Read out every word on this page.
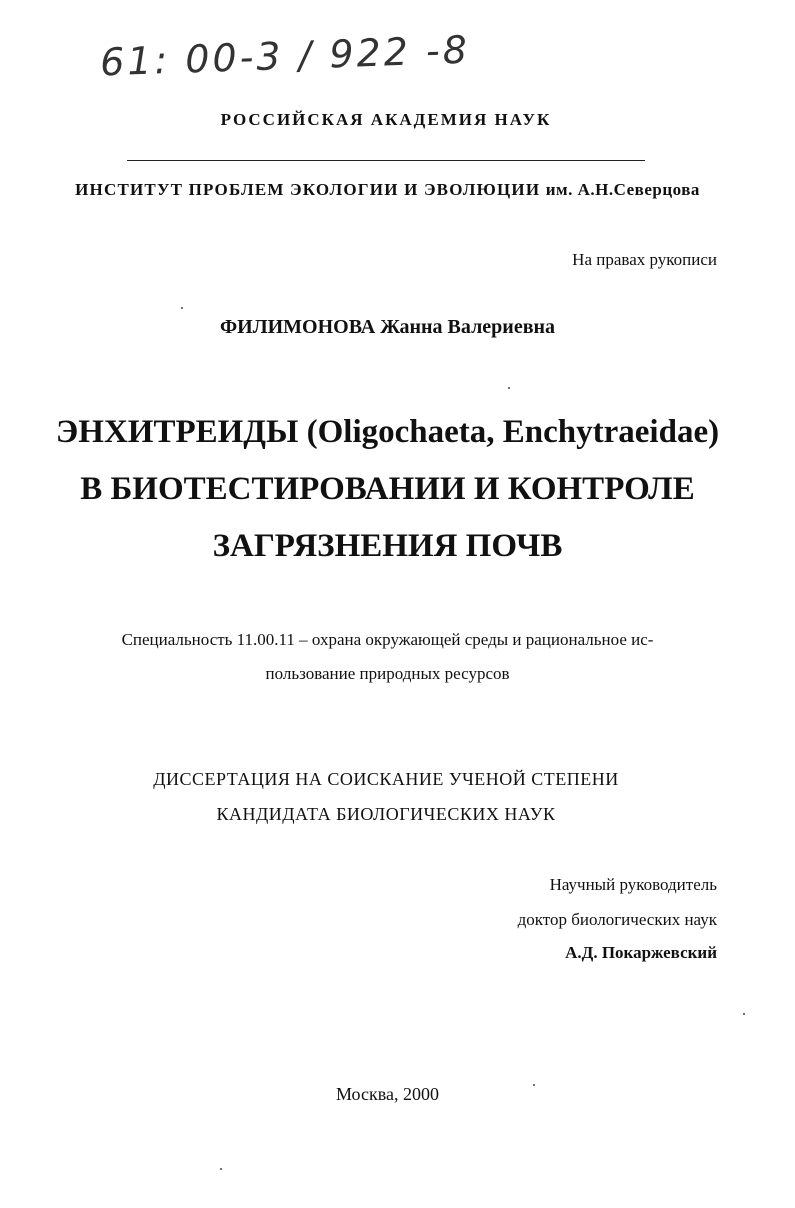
61: 00-3 / 922 -8
РОССИЙСКАЯ АКАДЕМИЯ НАУК
ИНСТИТУТ ПРОБЛЕМ ЭКОЛОГИИ И ЭВОЛЮЦИИ им. А.Н.Северцова
На правах рукописи
ФИЛИМОНОВА Жанна Валериевна
ЭНХИТРЕИДЫ (Oligochaeta, Enchytraeidae)
В БИОТЕСТИРОВАНИИ И КОНТРОЛЕ
ЗАГРЯЗНЕНИЯ ПОЧВ
Специальность 11.00.11 – охрана окружающей среды и рациональное ис-
пользование природных ресурсов
ДИССЕРТАЦИЯ НА СОИСКАНИЕ УЧЕНОЙ СТЕПЕНИ
КАНДИДАТА БИОЛОГИЧЕСКИХ НАУК
Научный руководитель
доктор биологических наук
А.Д. Покаржевский
Москва, 2000
